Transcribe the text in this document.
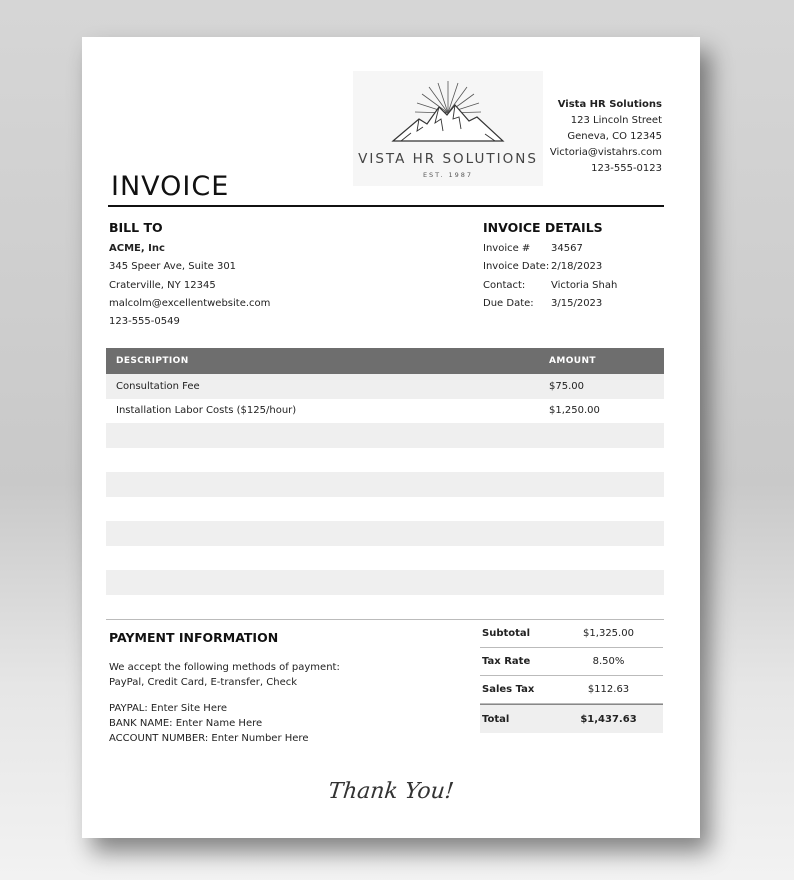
VISTA HR SOLUTIONS
EST. 1987
Vista HR Solutions
123 Lincoln Street
Geneva, CO 12345
Victoria@vistahrs.com
123-555-0123
INVOICE
BILL TO
ACME, Inc
345 Speer Ave, Suite 301
Craterville, NY 12345
malcolm@excellentwebsite.com
123-555-0549
INVOICE DETAILS
Invoice #	34567
Invoice Date: 2/18/2023
Contact:	Victoria Shah
Due Date:	3/15/2023
DESCRIPTION	AMOUNT
Consultation Fee	$75.00
Installation Labor Costs ($125/hour)	$1,250.00
PAYMENT INFORMATION
We accept the following methods of payment:
PayPal, Credit Card, E-transfer, Check
PAYPAL: Enter Site Here
BANK NAME: Enter Name Here
ACCOUNT NUMBER: Enter Number Here
Subtotal	$1,325.00
Tax Rate	8.50%
Sales Tax	$112.63
Total	$1,437.63
Thank You!
